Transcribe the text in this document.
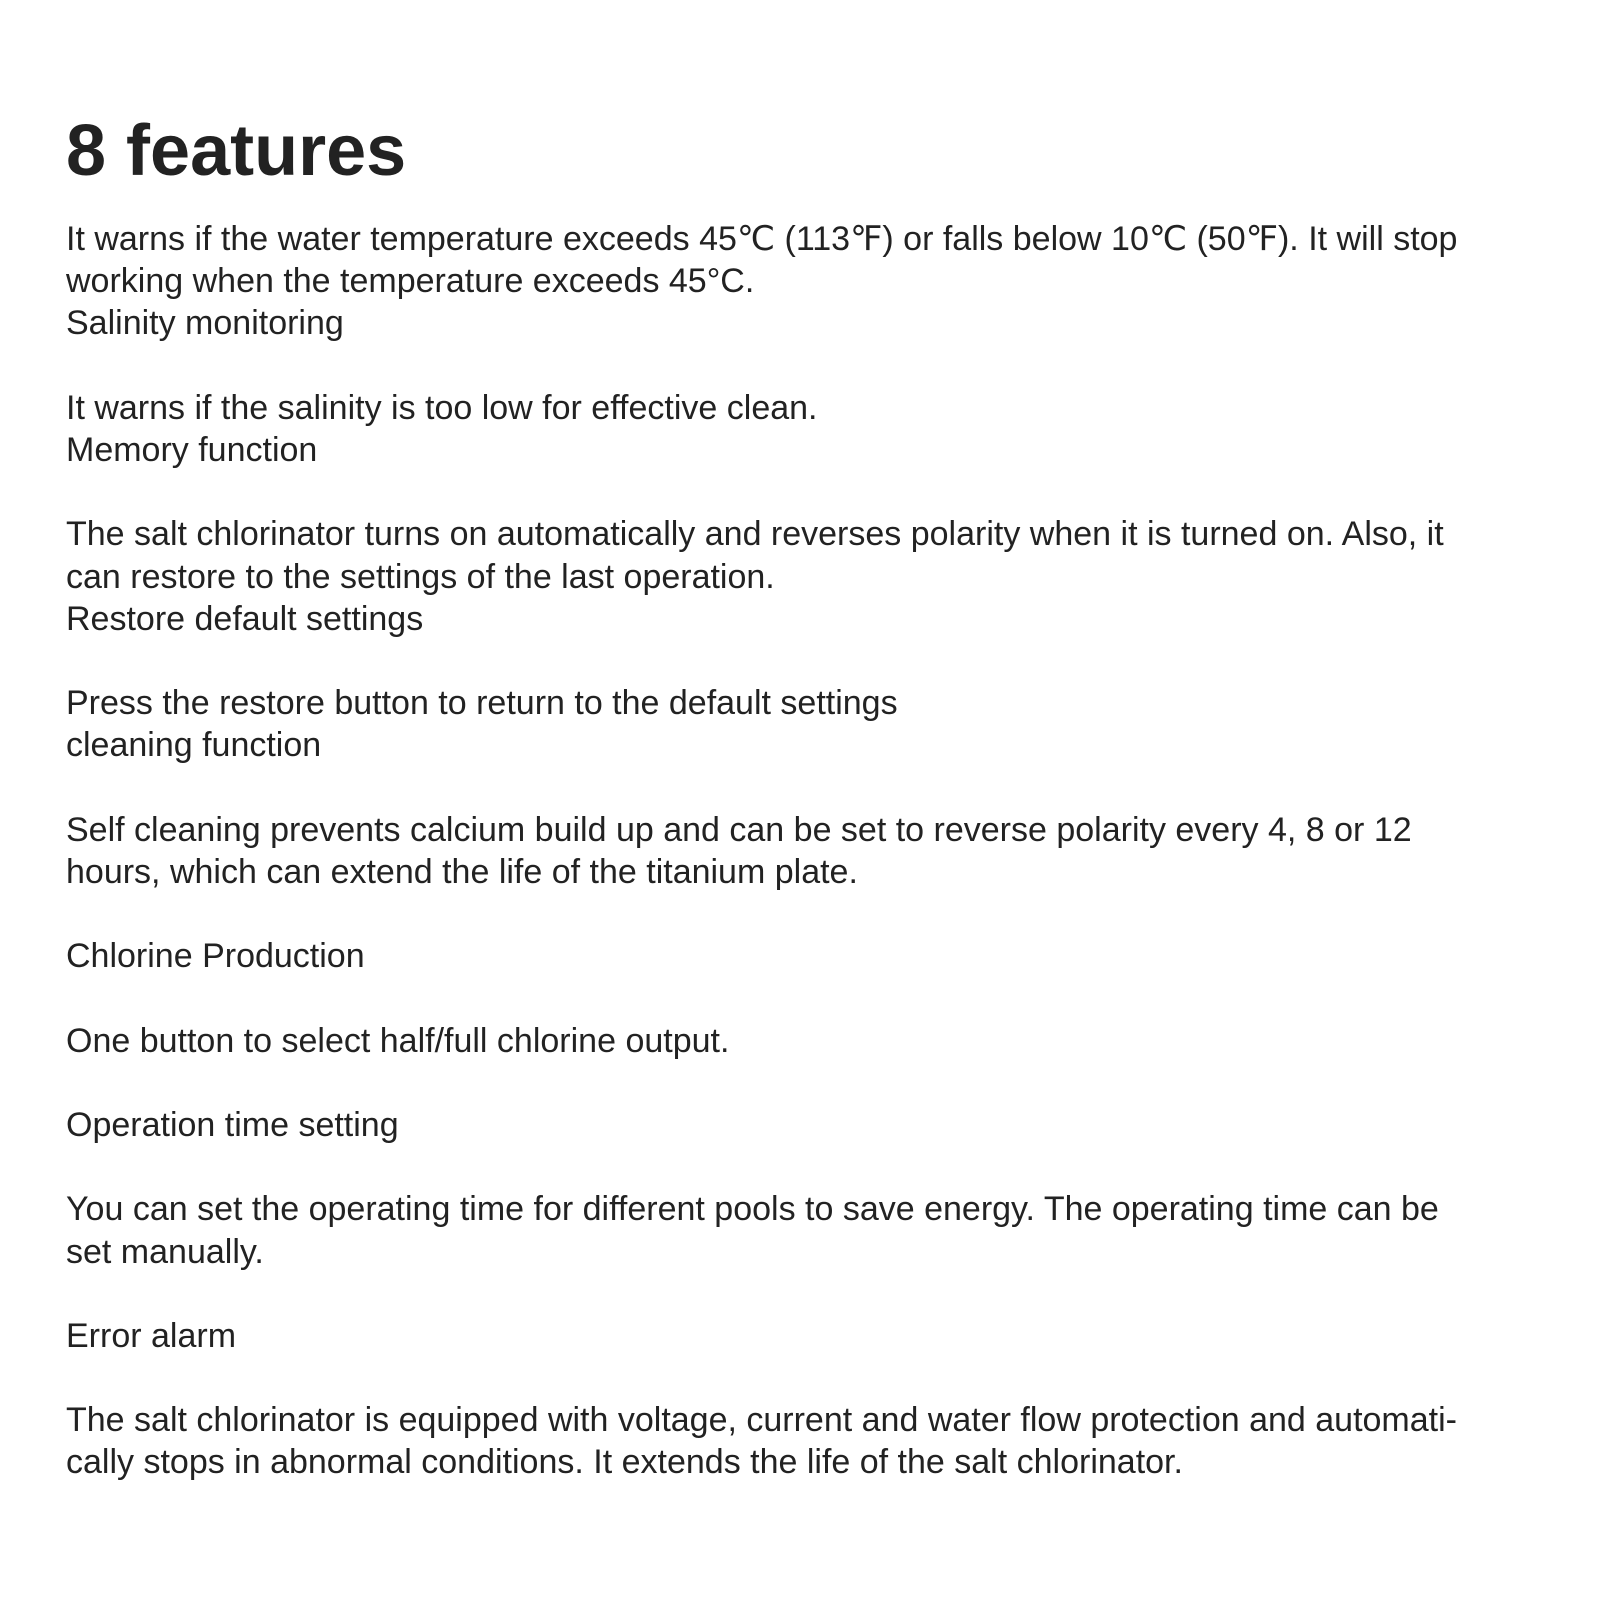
8 features
It warns if the water temperature exceeds 45℃ (113℉) or falls below 10℃ (50℉). It will stop
working when the temperature exceeds 45°C.
Salinity monitoring
It warns if the salinity is too low for effective clean.
Memory function
The salt chlorinator turns on automatically and reverses polarity when it is turned on. Also, it
can restore to the settings of the last operation.
Restore default settings
Press the restore button to return to the default settings
cleaning function
Self cleaning prevents calcium build up and can be set to reverse polarity every 4, 8 or 12
hours, which can extend the life of the titanium plate.
Chlorine Production
One button to select half/full chlorine output.
Operation time setting
You can set the operating time for different pools to save energy. The operating time can be
set manually.
Error alarm
The salt chlorinator is equipped with voltage, current and water flow protection and automati-
cally stops in abnormal conditions. It extends the life of the salt chlorinator.
